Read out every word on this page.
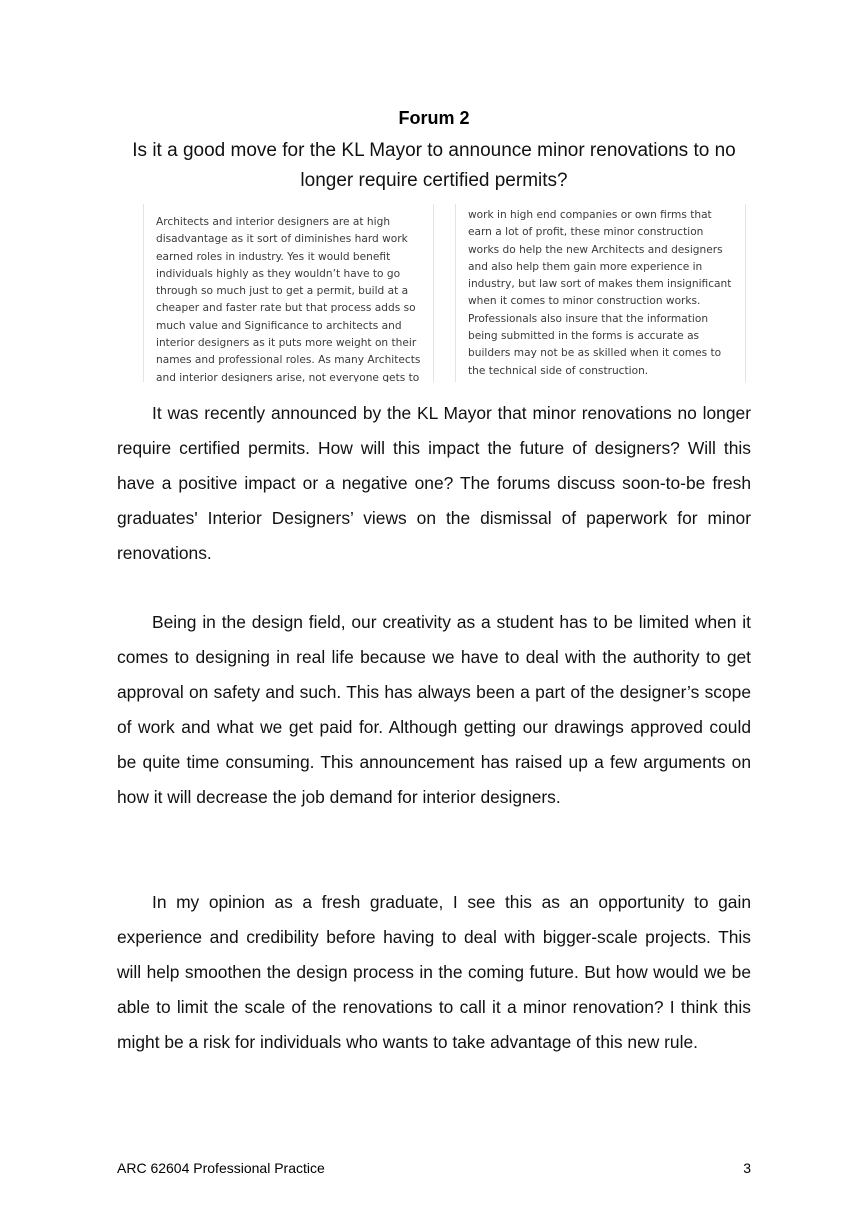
Forum 2
Is it a good move for the KL Mayor to announce minor renovations to no longer require certified permits?

Architects and interior designers are at high disadvantage as it sort of diminishes hard work earned roles in industry. Yes it would benefit individuals highly as they wouldn’t have to go through so much just to get a permit, build at a cheaper and faster rate but that process adds so much value and Significance to architects and interior designers as it puts more weight on their names and professional roles. As many Architects and interior designers arise, not everyone gets to

work in high end companies or own firms that earn a lot of profit, these minor construction works do help the new Architects and designers and also help them gain more experience in industry, but law sort of makes them insignificant when it comes to minor construction works.

Professionals also insure that the information being submitted in the forms is accurate as builders may not be as skilled when it comes to the technical side of construction.

It was recently announced by the KL Mayor that minor renovations no longer require certified permits. How will this impact the future of designers? Will this have a positive impact or a negative one? The forums discuss soon-to-be fresh graduates' Interior Designers’ views on the dismissal of paperwork for minor renovations.

Being in the design field, our creativity as a student has to be limited when it comes to designing in real life because we have to deal with the authority to get approval on safety and such. This has always been a part of the designer’s scope of work and what we get paid for. Although getting our drawings approved could be quite time consuming. This announcement has raised up a few arguments on how it will decrease the job demand for interior designers.

In my opinion as a fresh graduate, I see this as an opportunity to gain experience and credibility before having to deal with bigger-scale projects. This will help smoothen the design process in the coming future. But how would we be able to limit the scale of the renovations to call it a minor renovation? I think this might be a risk for individuals who wants to take advantage of this new rule.

ARC 62604 Professional Practice	3
